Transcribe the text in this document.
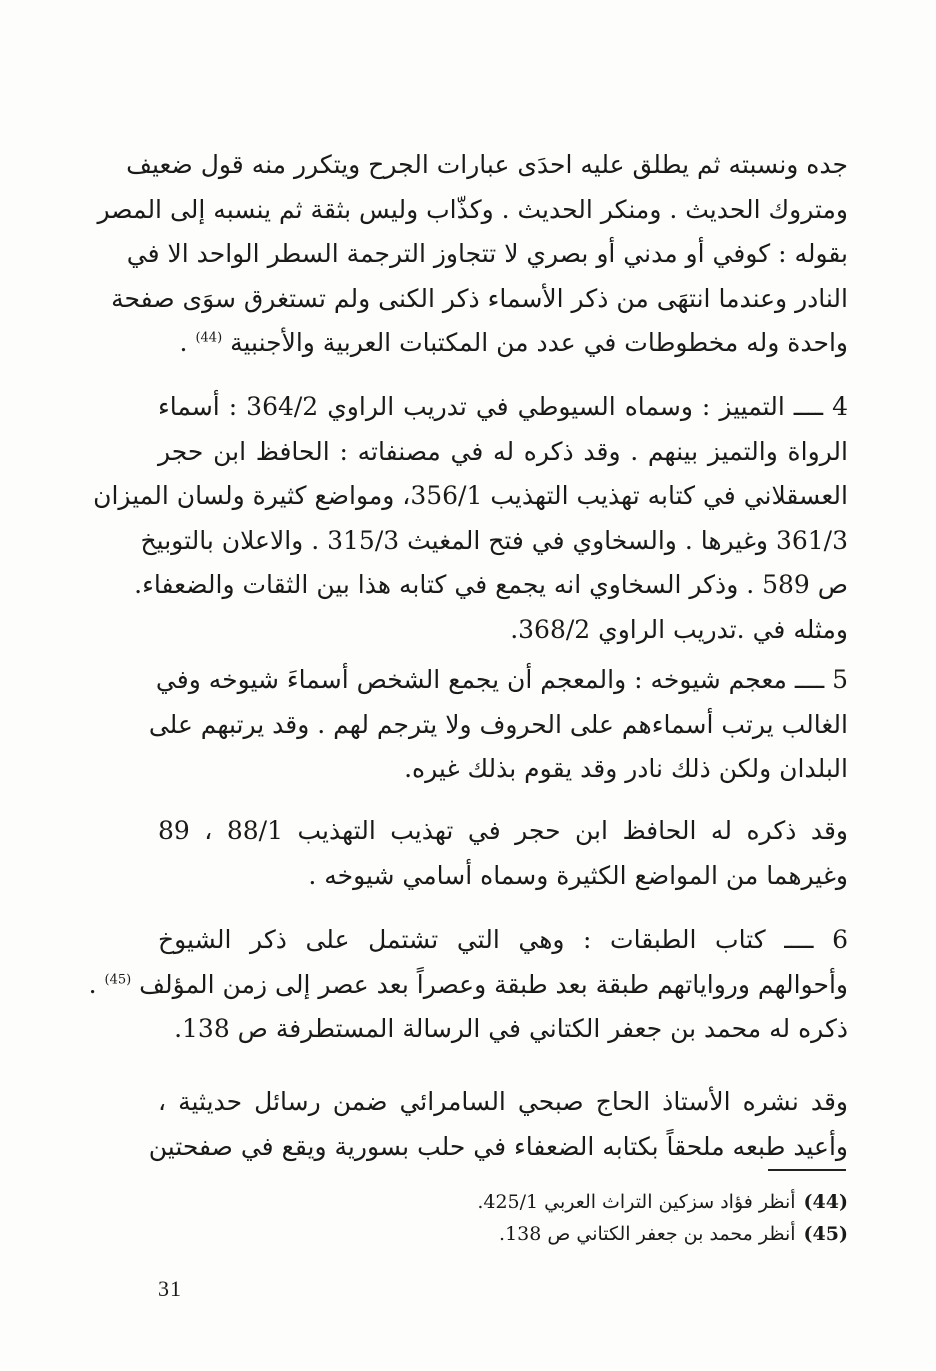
جده ونسبته ثم يطلق عليه احدَى عبارات الجرح ويتكرر منه قول ضعيف
ومتروك الحديث . ومنكر الحديث . وكذّاب وليس بثقة ثم ينسبه إلى المصر
بقوله : كوفي أو مدني أو بصري لا تتجاوز الترجمة السطر الواحد الا في
النادر وعندما انتهَى من ذكر الأسماء ذكر الكنى ولم تستغرق سوَى صفحة
واحدة وله مخطوطات في عدد من المكتبات العربية والأجنبية $^{(44)}$ .
4 ــــ التمييز : وسماه السيوطي في تدريب الراوي 364/2 : أسماء
الرواة والتميز بينهم . وقد ذكره له في مصنفاته : الحافظ ابن حجر
العسقلاني في كتابه تهذيب التهذيب 356/1، ومواضع كثيرة ولسان الميزان
361/3 وغيرها . والسخاوي في فتح المغيث 315/3 . والاعلان بالتوبيخ
ص 589 . وذكر السخاوي انه يجمع في كتابه هذا بين الثقات والضعفاء.
ومثله في .تدريب الراوي 368/2.
5 ــــ معجم شيوخه : والمعجم أن يجمع الشخص أسماءَ شيوخه وفي
الغالب يرتب أسماءهم على الحروف ولا يترجم لهم . وقد يرتبهم على
البلدان ولكن ذلك نادر وقد يقوم بذلك غيره.
وقد ذكره له الحافظ ابن حجر في تهذيب التهذيب 88/1 ، 89
وغيرهما من المواضع الكثيرة وسماه أسامي شيوخه .
6 ــــ كتاب الطبقات : وهي التي تشتمل على ذكر الشيوخ
وأحوالهم ورواياتهم طبقة بعد طبقة وعصراً بعد عصر إلى زمن المؤلف $^{(45)}$ .
ذكره له محمد بن جعفر الكتاني في الرسالة المستطرفة ص 138.
وقد نشره الأستاذ الحاج صبحي السامرائي ضمن رسائل حديثية ،
وأعيد طبعه ملحقاً بكتابه الضعفاء في حلب بسورية ويقع في صفحتين
(44)أنظر فؤاد سزكين التراث العربي 425/1.
(45)أنظر محمد بن جعفر الكتاني ص 138.
31
